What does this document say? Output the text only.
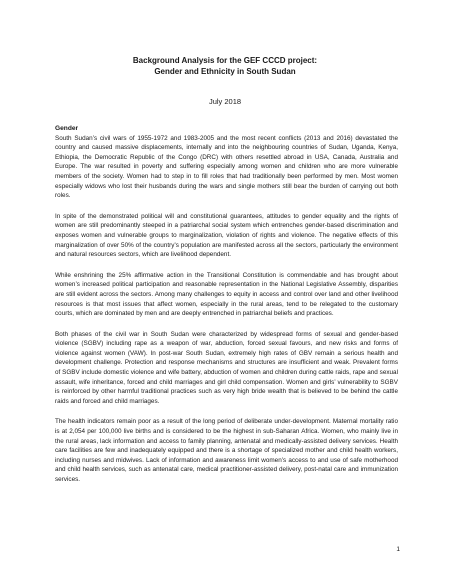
Background Analysis for the GEF CCCD project:
Gender and Ethnicity in South Sudan
July 2018

Gender

South Sudan’s civil wars of 1955-1972 and 1983-2005 and the most recent conflicts (2013 and 2016) devastated the country and caused massive displacements, internally and into the neighbouring countries of Sudan, Uganda, Kenya, Ethiopia, the Democratic Republic of the Congo (DRC) with others resettled abroad in USA, Canada, Australia and Europe. The war resulted in poverty and suffering especially among women and children who are more vulnerable members of the society. Women had to step in to fill roles that had traditionally been performed by men. Most women especially widows who lost their husbands during the wars and single mothers still bear the burden of carrying out both roles.

In spite of the demonstrated political will and constitutional guarantees, attitudes to gender equality and the rights of women are still predominantly steeped in a patriarchal social system which entrenches gender-based discrimination and exposes women and vulnerable groups to marginalization, violation of rights and violence. The negative effects of this marginalization of over 50% of the country’s population are manifested across all the sectors, particularly the environment and natural resources sectors, which are livelihood dependent.

While enshrining the 25% affirmative action in the Transitional Constitution is commendable and has brought about women’s increased political participation and reasonable representation in the National Legislative Assembly, disparities are still evident across the sectors. Among many challenges to equity in access and control over land and other livelihood resources is that most issues that affect women, especially in the rural areas, tend to be relegated to the customary courts, which are dominated by men and are deeply entrenched in patriarchal beliefs and practices.

Both phases of the civil war in South Sudan were characterized by widespread forms of sexual and gender-based violence (SGBV) including rape as a weapon of war, abduction, forced sexual favours, and new risks and forms of violence against women (VAW). In post-war South Sudan, extremely high rates of GBV remain a serious health and development challenge. Protection and response mechanisms and structures are insufficient and weak. Prevalent forms of SGBV include domestic violence and wife battery, abduction of women and children during cattle raids, rape and sexual assault, wife inheritance, forced and child marriages and girl child compensation. Women and girls’ vulnerability to SGBV is reinforced by other harmful traditional practices such as very high bride wealth that is believed to be behind the cattle raids and forced and child marriages.

The health indicators remain poor as a result of the long period of deliberate under-development. Maternal mortality ratio is at 2,054 per 100,000 live births and is considered to be the highest in sub-Saharan Africa. Women, who mainly live in the rural areas, lack information and access to family planning, antenatal and medically-assisted delivery services. Health care facilities are few and inadequately equipped and there is a shortage of specialized mother and child health workers, including nurses and midwives. Lack of information and awareness limit women’s access to and use of safe motherhood and child health services, such as antenatal care, medical practitioner-assisted delivery, post-natal care and immunization services.

1
